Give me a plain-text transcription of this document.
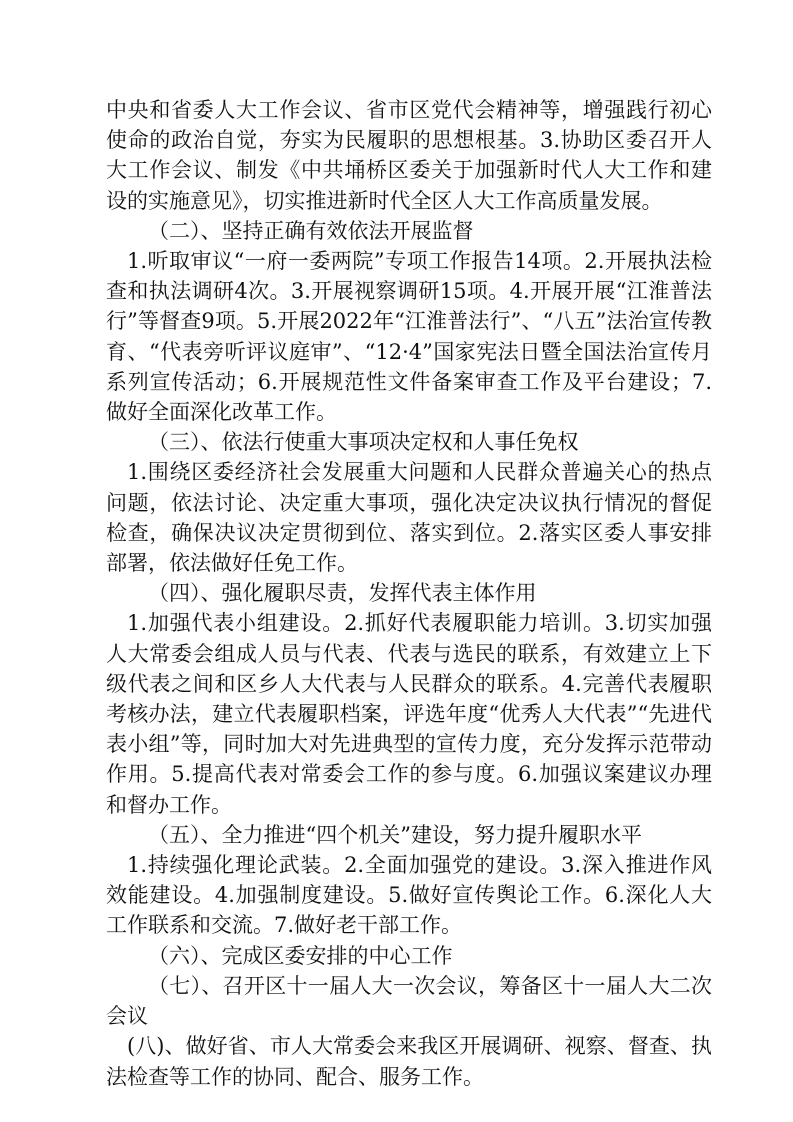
中央和省委人大工作会议、省市区党代会精神等，增强践行初心使命的政治自觉，夯实为民履职的思想根基。3.协助区委召开人大工作会议、制发《中共埇桥区委关于加强新时代人大工作和建设的实施意见》，切实推进新时代全区人大工作高质量发展。

（二）、坚持正确有效依法开展监督

1.听取审议“一府一委两院”专项工作报告14项。2.开展执法检查和执法调研4次。3.开展视察调研15项。4.开展开展“江淮普法行”等督查9项。5.开展2022年“江淮普法行”、“八五”法治宣传教育、“代表旁听评议庭审”、“12·4”国家宪法日暨全国法治宣传月系列宣传活动；6.开展规范性文件备案审查工作及平台建设；7.做好全面深化改革工作。

（三）、依法行使重大事项决定权和人事任免权

1.围绕区委经济社会发展重大问题和人民群众普遍关心的热点问题，依法讨论、决定重大事项，强化决定决议执行情况的督促检查，确保决议决定贯彻到位、落实到位。2.落实区委人事安排部署，依法做好任免工作。

（四）、强化履职尽责，发挥代表主体作用

1.加强代表小组建设。2.抓好代表履职能力培训。3.切实加强人大常委会组成人员与代表、代表与选民的联系，有效建立上下级代表之间和区乡人大代表与人民群众的联系。4.完善代表履职考核办法，建立代表履职档案，评选年度“优秀人大代表”“先进代表小组”等，同时加大对先进典型的宣传力度，充分发挥示范带动作用。5.提高代表对常委会工作的参与度。6.加强议案建议办理和督办工作。

（五）、全力推进“四个机关”建设，努力提升履职水平

1.持续强化理论武装。2.全面加强党的建设。3.深入推进作风效能建设。4.加强制度建设。5.做好宣传舆论工作。6.深化人大工作联系和交流。7.做好老干部工作。

（六）、完成区委安排的中心工作

（七）、召开区十一届人大一次会议，筹备区十一届人大二次会议

(八)、做好省、市人大常委会来我区开展调研、视察、督查、执法检查等工作的协同、配合、服务工作。
